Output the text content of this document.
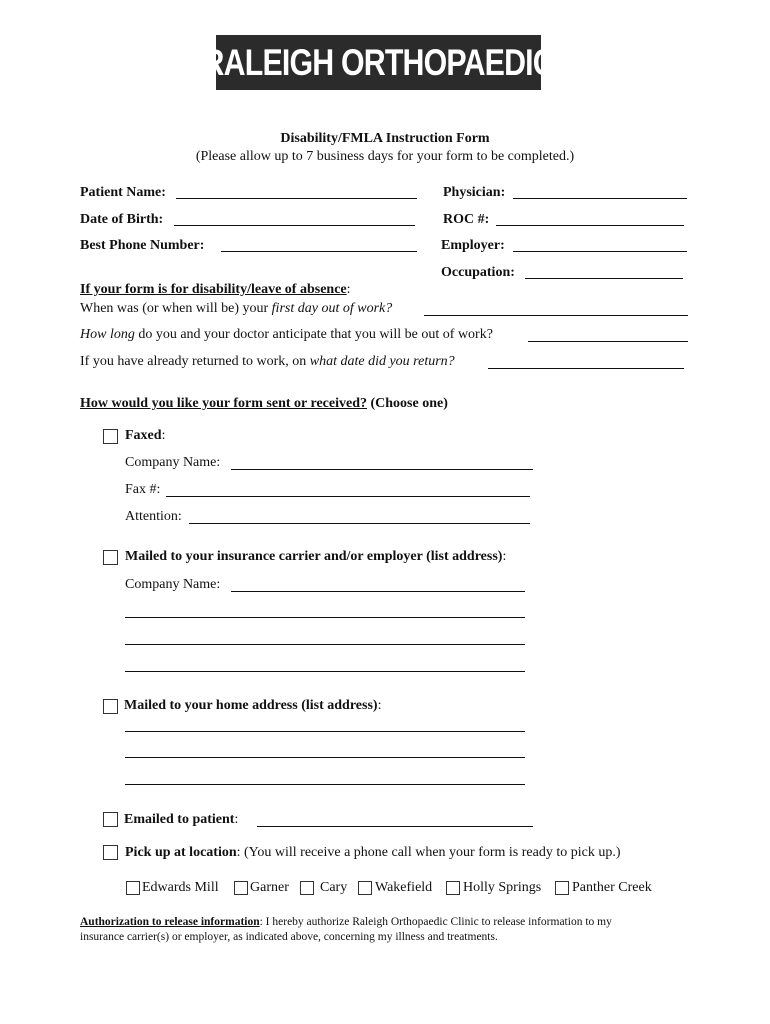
RALEIGH ORTHOPAEDIC
Disability/FMLA Instruction Form
(Please allow up to 7 business days for your form to be completed.)
Patient Name:
Date of Birth:
Best Phone Number:
Physician:
ROC #:
Employer:
Occupation:
If your form is for disability/leave of absence:
When was (or when will be) your first day out of work?
How long do you and your doctor anticipate that you will be out of work?
If you have already returned to work, on what date did you return?
How would you like your form sent or received? (Choose one)
Faxed:
Company Name:
Fax #:
Attention:
Mailed to your insurance carrier and/or employer (list address):
Company Name:
Mailed to your home address (list address):
Emailed to patient:
Pick up at location: (You will receive a phone call when your form is ready to pick up.)
Edwards Mill Garner Cary Wakefield Holly Springs Panther Creek
Authorization to release information: I hereby authorize Raleigh Orthopaedic Clinic to release information to my
insurance carrier(s) or employer, as indicated above, concerning my illness and treatments.
